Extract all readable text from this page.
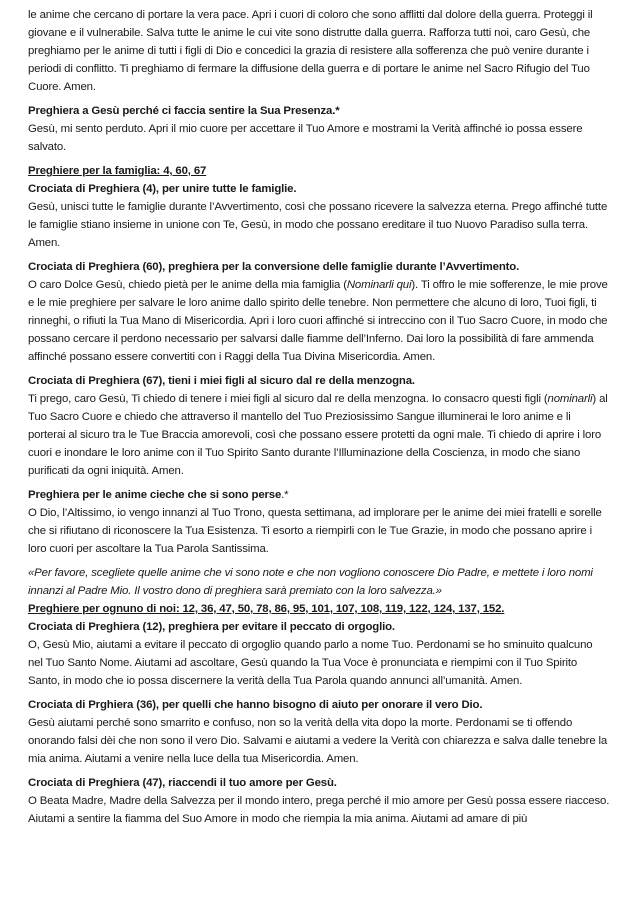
le anime che cercano di portare la vera pace. Apri i cuori di coloro che sono afflitti dal dolore della guerra. Proteggi il giovane e il vulnerabile. Salva tutte le anime le cui vite sono distrutte dalla guerra. Rafforza tutti noi, caro Gesù, che preghiamo per le anime di tutti i figli di Dio e concedici la grazia di resistere alla sofferenza che può venire durante i periodi di conflitto. Ti preghiamo di fermare la diffusione della guerra e di portare le anime nel Sacro Rifugio del Tuo Cuore. Amen.

Preghiera a Gesù perché ci faccia sentire la Sua Presenza.*

Gesù, mi sento perduto. Apri il mio cuore per accettare il Tuo Amore e mostrami la Verità affinché io possa essere salvato.

Preghiere per la famiglia: 4, 60, 67

Crociata di Preghiera (4), per unire tutte le famiglie.

Gesù, unisci tutte le famiglie durante l’Avvertimento, così che possano ricevere la salvezza eterna. Prego affinché tutte le famiglie stiano insieme in unione con Te, Gesù, in modo che possano ereditare il tuo Nuovo Paradiso sulla terra. Amen.

Crociata di Preghiera (60), preghiera per la conversione delle famiglie durante l’Avvertimento.

O caro Dolce Gesù, chiedo pietà per le anime della mia famiglia (Nominarli qui). Ti offro le mie sofferenze, le mie prove e le mie preghiere per salvare le loro anime dallo spirito delle tenebre. Non permettere che alcuno di loro, Tuoi figli, ti rinneghi, o rifiuti la Tua Mano di Misericordia. Apri i loro cuori affinché si intreccino con il Tuo Sacro Cuore, in modo che possano cercare il perdono necessario per salvarsi dalle fiamme dell’Inferno. Dai loro la possibilità di fare ammenda affinché possano essere convertiti con i Raggi della Tua Divina Misericordia. Amen.

Crociata di Preghiera (67), tieni i miei figli al sicuro dal re della menzogna.

Ti prego, caro Gesù, Ti chiedo di tenere i miei figli al sicuro dal re della menzogna. Io consacro questi figli (nominarli) al Tuo Sacro Cuore e chiedo che attraverso il mantello del Tuo Preziosissimo Sangue illuminerai le loro anime e li porterai al sicuro tra le Tue Braccia amorevoli, così che possano essere protetti da ogni male. Ti chiedo di aprire i loro cuori e inondare le loro anime con il Tuo Spirito Santo durante l’Illuminazione della Coscienza, in modo che siano purificati da ogni iniquità. Amen.

Preghiera per le anime cieche che si sono perse.*

O Dio, l’Altissimo, io vengo innanzi al Tuo Trono, questa settimana, ad implorare per le anime dei miei fratelli e sorelle che si rifiutano di riconoscere la Tua Esistenza. Ti esorto a riempirli con le Tue Grazie, in modo che possano aprire i loro cuori per ascoltare la Tua Parola Santissima.

«Per favore, scegliete quelle anime che vi sono note e che non vogliono conoscere Dio Padre, e mettete i loro nomi innanzi al Padre Mio. Il vostro dono di preghiera sarà premiato con la loro salvezza.»

Preghiere per ognuno di noi: 12, 36, 47, 50, 78, 86, 95, 101, 107, 108, 119, 122, 124, 137, 152.

Crociata di Preghiera (12), preghiera per evitare il peccato di orgoglio.

O, Gesù Mio, aiutami a evitare il peccato di orgoglio quando parlo a nome Tuo. Perdonami se ho sminuito qualcuno nel Tuo Santo Nome. Aiutami ad ascoltare, Gesù quando la Tua Voce è pronunciata e riempimi con il Tuo Spirito Santo, in modo che io possa discernere la verità della Tua Parola quando annunci all’umanità. Amen.

Crociata di Prghiera (36), per quelli che hanno bisogno di aiuto per onorare il vero Dio.

Gesù aiutami perché sono smarrito e confuso, non so la verità della vita dopo la morte. Perdonami se ti offendo onorando falsi dèi che non sono il vero Dio. Salvami e aiutami a vedere la Verità con chiarezza e salva dalle tenebre la mia anima. Aiutami a venire nella luce della tua Misericordia. Amen.

Crociata di Preghiera (47), riaccendi il tuo amore per Gesù.

O Beata Madre, Madre della Salvezza per il mondo intero, prega perché il mio amore per Gesù possa essere riacceso. Aiutami a sentire la fiamma del Suo Amore in modo che riempia la mia anima. Aiutami ad amare di più
